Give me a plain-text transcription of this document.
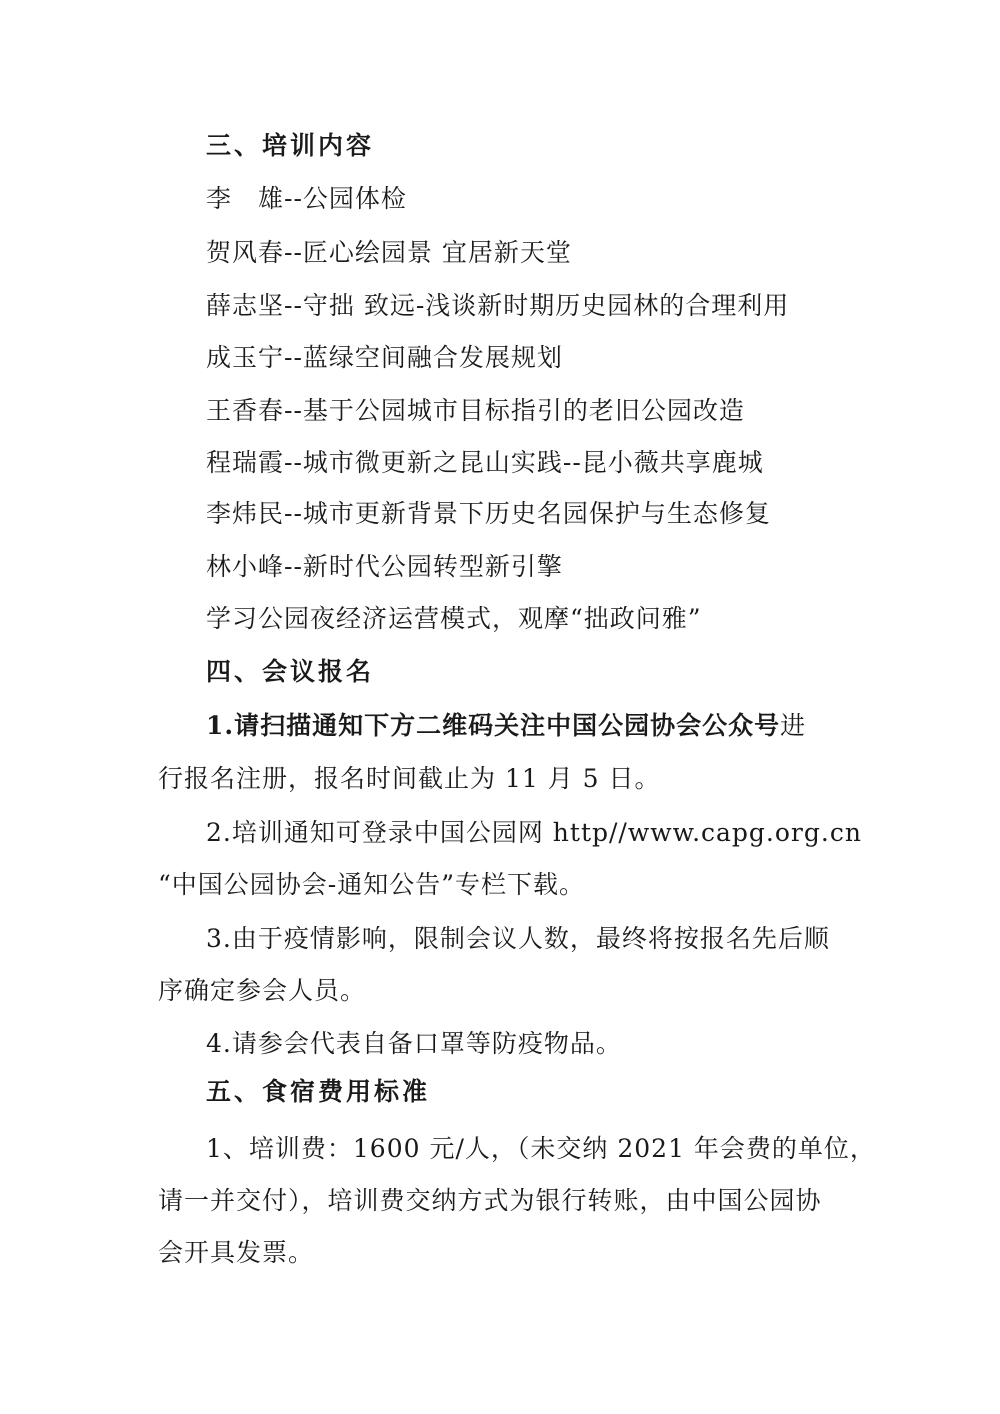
三、培训内容
李　雄--公园体检
贺风春--匠心绘园景 宜居新天堂
薛志坚--守拙 致远-浅谈新时期历史园林的合理利用
成玉宁--蓝绿空间融合发展规划
王香春--基于公园城市目标指引的老旧公园改造
程瑞霞--城市微更新之昆山实践--昆小薇共享鹿城
李炜民--城市更新背景下历史名园保护与生态修复
林小峰--新时代公园转型新引擎
学习公园夜经济运营模式，观摩“拙政问雅”
四、会议报名
1.请扫描通知下方二维码关注中国公园协会公众号进
行报名注册，报名时间截止为 11 月 5 日。
2.培训通知可登录中国公园网 http//www.capg.org.cn
“中国公园协会-通知公告”专栏下载。
3.由于疫情影响，限制会议人数，最终将按报名先后顺
序确定参会人员。
4.请参会代表自备口罩等防疫物品。
五、食宿费用标准
1、培训费：1600 元/人，（未交纳 2021 年会费的单位，
请一并交付），培训费交纳方式为银行转账，由中国公园协
会开具发票。
